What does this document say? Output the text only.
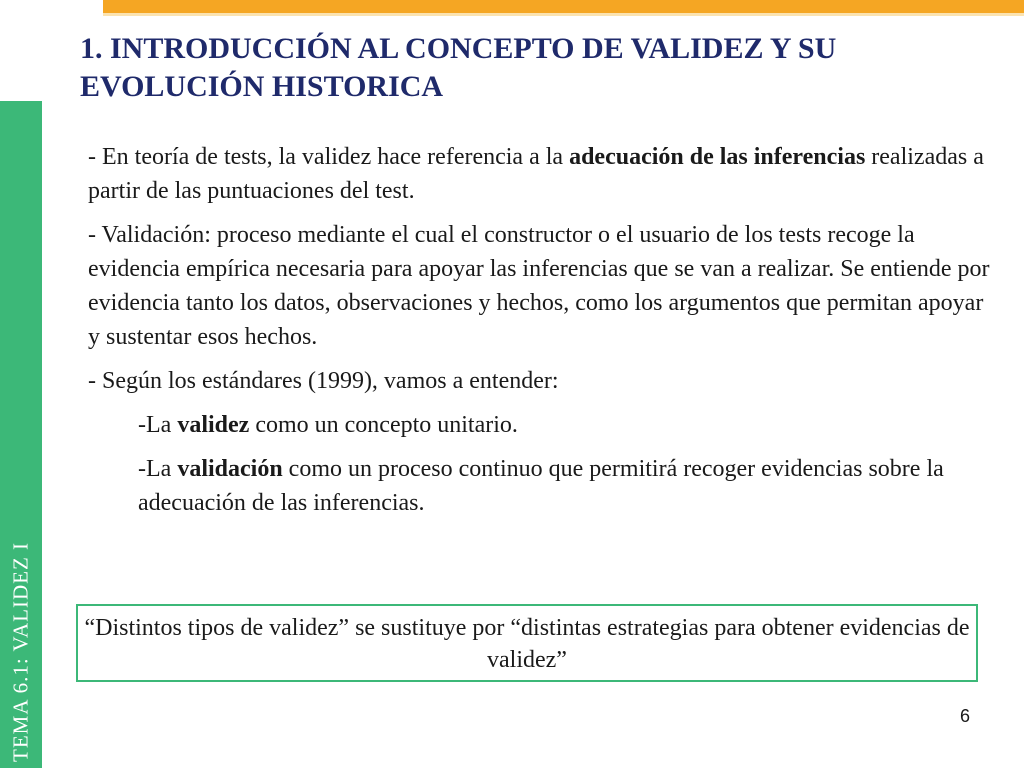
TEMA 6.1: VALIDEZ I
1. INTRODUCCIÓN AL CONCEPTO DE VALIDEZ Y SU EVOLUCIÓN HISTORICA

- En teoría de tests, la validez hace referencia a la adecuación de las inferencias realizadas a partir de las puntuaciones del test.

- Validación: proceso mediante el cual el constructor o el usuario de los tests recoge la evidencia empírica necesaria para apoyar las inferencias que se van a realizar. Se entiende por evidencia tanto los datos, observaciones y hechos, como los argumentos que permitan apoyar y sustentar esos hechos.

- Según los estándares (1999), vamos a entender:

-La validez como un concepto unitario.

-La validación como un proceso continuo que permitirá recoger evidencias sobre la adecuación de las inferencias.

“Distintos tipos de validez” se sustituye por “distintas estrategias para obtener evidencias de validez”
6
